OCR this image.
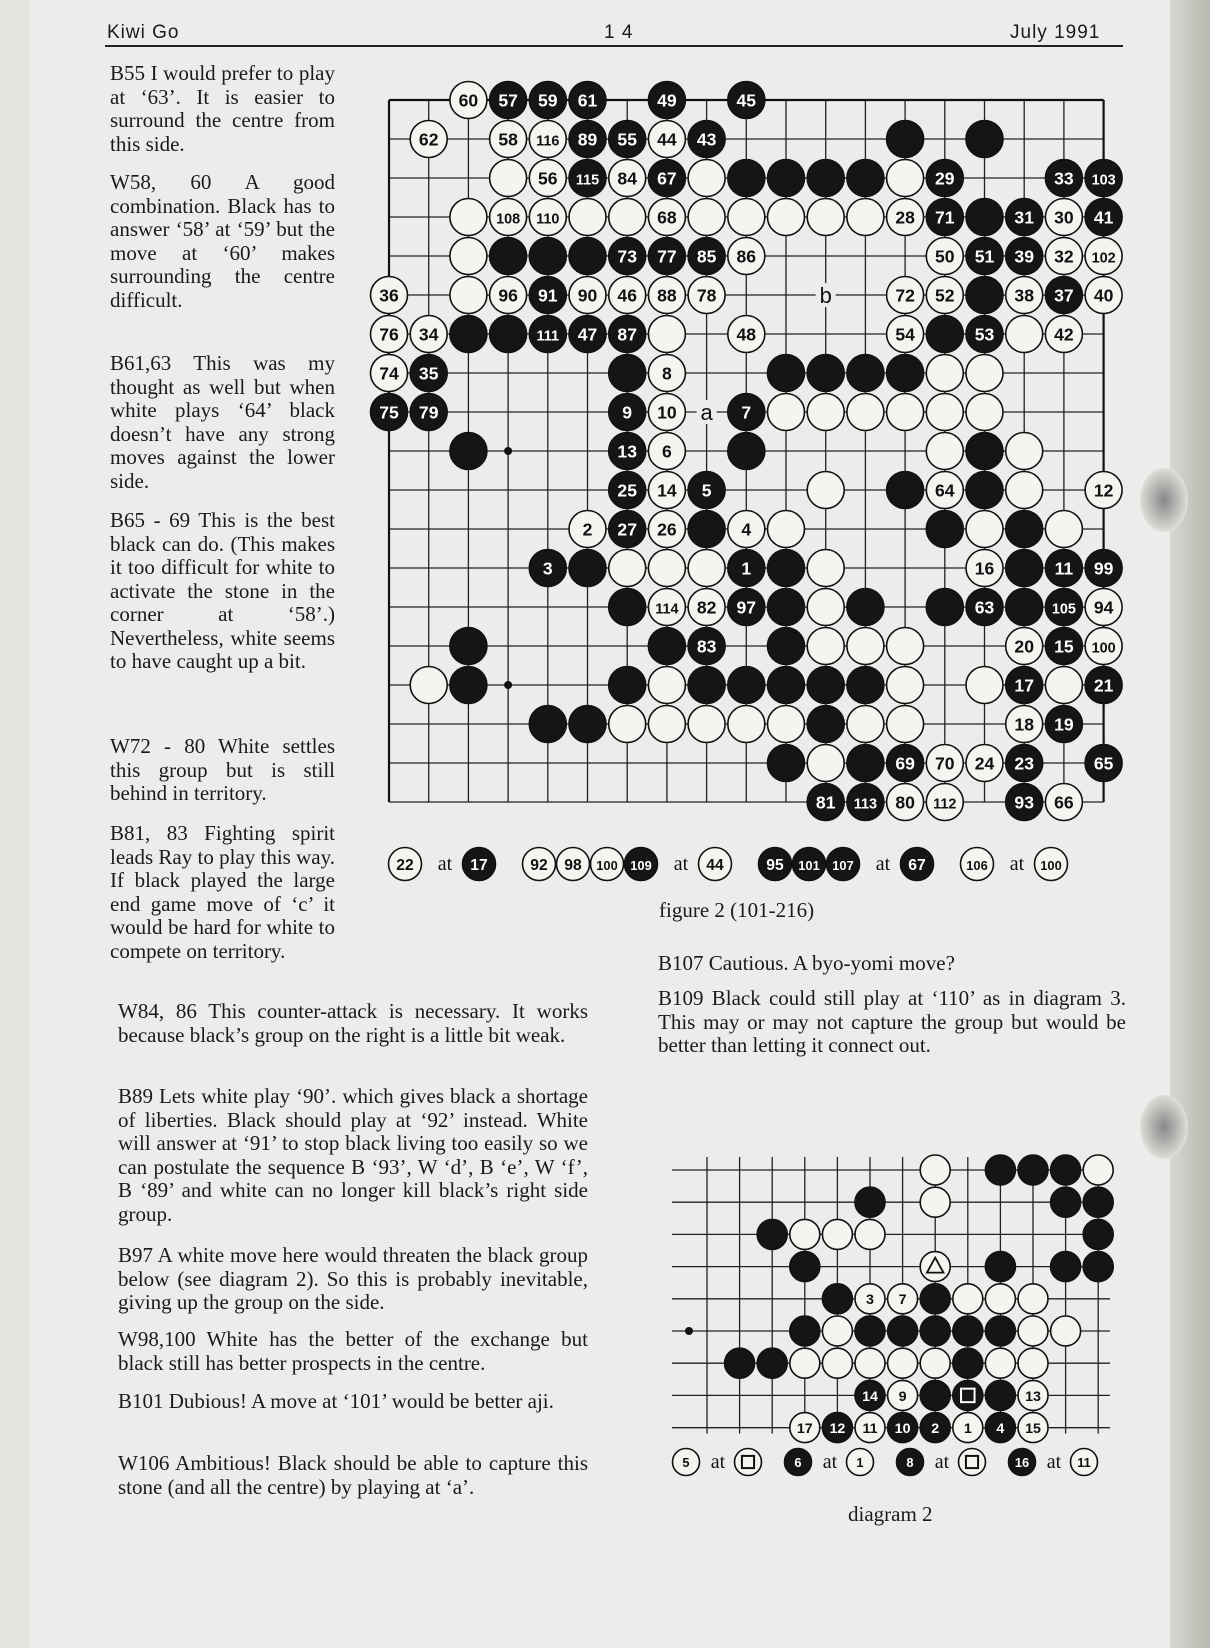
Kiwi Go	1 4	July 1991

B55 I would prefer to play at ‘63’. It is easier to surround the centre from this side.

W58, 60 A good combination. Black has to answer ‘58’ at ‘59’ but the move at ‘60’ makes surrounding the centre difficult.

B61,63 This was my thought as well but when white plays ‘64’ black doesn’t have any strong moves against the lower side.

B65 - 69 This is the best black can do. (This makes it too difficult for white to activate the stone in the corner at ‘58’.) Nevertheless, white seems to have caught up a bit.

W72 - 80 White settles this group but is still behind in territory.

B81, 83 Fighting spirit leads Ray to play this way. If black played the large end game move of ‘c’ it would be hard for white to compete on territory.

W84, 86 This counter-attack is necessary. It works because black’s group on the right is a little bit weak.

B89 Lets white play ‘90’. which gives black a shortage of liberties. Black should play at ‘92’ instead. White will answer at ‘91’ to stop black living too easily so we can postulate the sequence B ‘93’, W ‘d’, B ‘e’, W ‘f’, B ‘89’ and white can no longer kill black’s right side group.

B97 A white move here would threaten the black group below (see diagram 2). So this is probably inevitable, giving up the group on the side.

W98,100 White has the better of the exchange but black still has better prospects in the centre.

B101 Dubious! A move at ‘101’ would be better aji.

W106 Ambitious! Black should be able to capture this stone (and all the centre) by playing at ‘a’.

B107 Cautious. A byo-yomi move?

B109 Black could still play at ‘110’ as in diagram 3. This may or may not capture the group but would be better than letting it connect out.

figure 2 (101-216)
diagram 2
b
a
60 57 59 61	49	45
62	58 116 89 55 44 43
56 115 84 67	29	33 103
108 110	68	28 71	31 30 41
73 77 85 86	50 51 39 32 102
36	96 91 90 46 88 78	72 52	38 37 40
76 34	111 47 87	48	54	53	42
74 35	8
75 79	9 10	7
13 6
25 14 5	64	12
2 27 26	4
3	1	16	11 99
114 82 97	63	105 94
83	20 15 100
17	21
18 19
69 70 24 23	65
81 113 80 112	93 66
22 at 17	92 98 100 109 at 44	95 101 107 at 67	106 at 100
3 7
14 9	13
17 12 11 10 2 1 4 15
5 at	6 at 1	8 at	16 at 11
